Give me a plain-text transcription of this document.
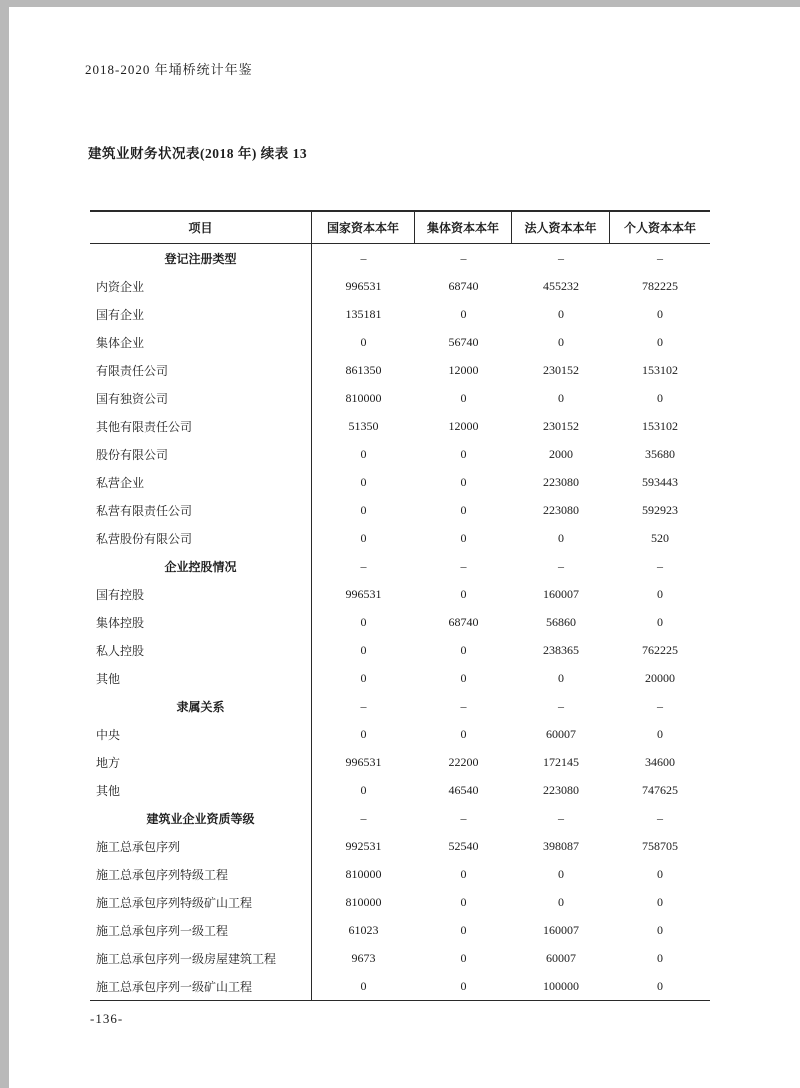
2018-2020 年埇桥统计年鉴
建筑业财务状况表(2018 年) 续表 13
项目	国家资本本年	集体资本本年	法人资本本年	个人资本本年
登记注册类型	–	–	–	–
内资企业	996531	68740	455232	782225
国有企业	135181	0	0	0
集体企业	0	56740	0	0
有限责任公司	861350	12000	230152	153102
国有独资公司	810000	0	0	0
其他有限责任公司	51350	12000	230152	153102
股份有限公司	0	0	2000	35680
私营企业	0	0	223080	593443
私营有限责任公司	0	0	223080	592923
私营股份有限公司	0	0	0	520
企业控股情况	–	–	–	–
国有控股	996531	0	160007	0
集体控股	0	68740	56860	0
私人控股	0	0	238365	762225
其他	0	0	0	20000
隶属关系	–	–	–	–
中央	0	0	60007	0
地方	996531	22200	172145	34600
其他	0	46540	223080	747625
建筑业企业资质等级	–	–	–	–
施工总承包序列	992531	52540	398087	758705
施工总承包序列特级工程	810000	0	0	0
施工总承包序列特级矿山工程	810000	0	0	0
施工总承包序列一级工程	61023	0	160007	0
施工总承包序列一级房屋建筑工程	9673	0	60007	0
施工总承包序列一级矿山工程	0	0	100000	0
-136-
